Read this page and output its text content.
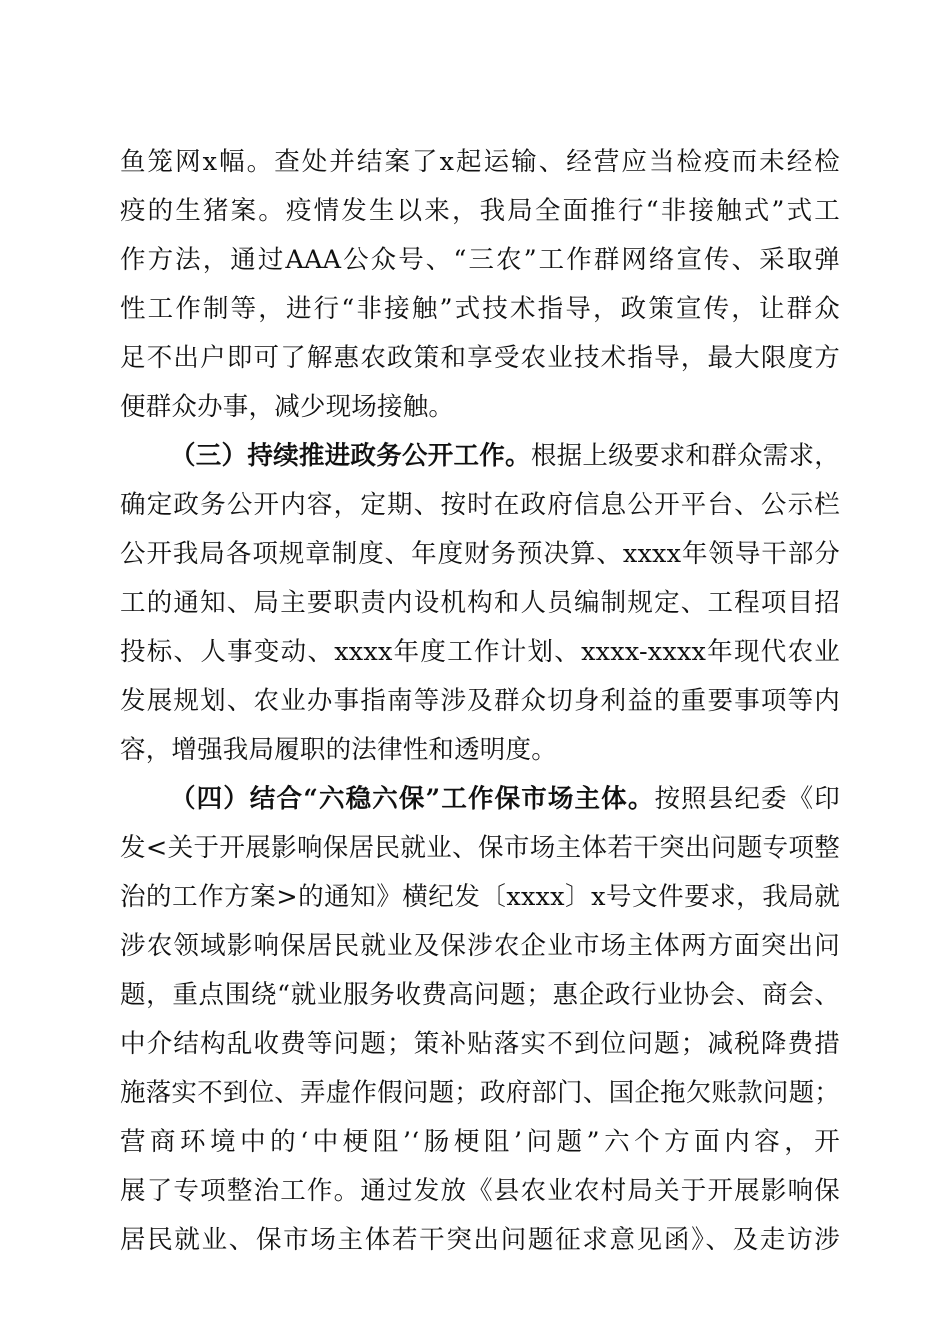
鱼笼网x幅。查处并结案了x起运输、经营应当检疫而未经检

疫的生猪案。疫情发生以来，我局全面推行“非接触式”式工

作方法，通过AAA公众号、“三农”工作群网络宣传、采取弹

性工作制等，进行“非接触”式技术指导，政策宣传，让群众

足不出户即可了解惠农政策和享受农业技术指导，最大限度方

便群众办事，减少现场接触。

（三）持续推进政务公开工作。根据上级要求和群众需求，

确定政务公开内容，定期、按时在政府信息公开平台、公示栏

公开我局各项规章制度、年度财务预决算、xxxx年领导干部分

工的通知、局主要职责内设机构和人员编制规定、工程项目招

投标、人事变动、xxxx年度工作计划、xxxx-xxxx年现代农业

发展规划、农业办事指南等涉及群众切身利益的重要事项等内

容，增强我局履职的法律性和透明度。

（四）结合“六稳六保”工作保市场主体。按照县纪委《印

发<关于开展影响保居民就业、保市场主体若干突出问题专项整

治的工作方案>的通知》横纪发〔xxxx〕x号文件要求，我局就

涉农领域影响保居民就业及保涉农企业市场主体两方面突出问

题，重点围绕“就业服务收费高问题；惠企政行业协会、商会、

中介结构乱收费等问题；策补贴落实不到位问题；减税降费措

施落实不到位、弄虚作假问题；政府部门、国企拖欠账款问题；

营商环境中的‘中梗阻’‘肠梗阻’问题”六个方面内容，开

展了专项整治工作。通过发放《县农业农村局关于开展影响保

居民就业、保市场主体若干突出问题征求意见函》、及走访涉
